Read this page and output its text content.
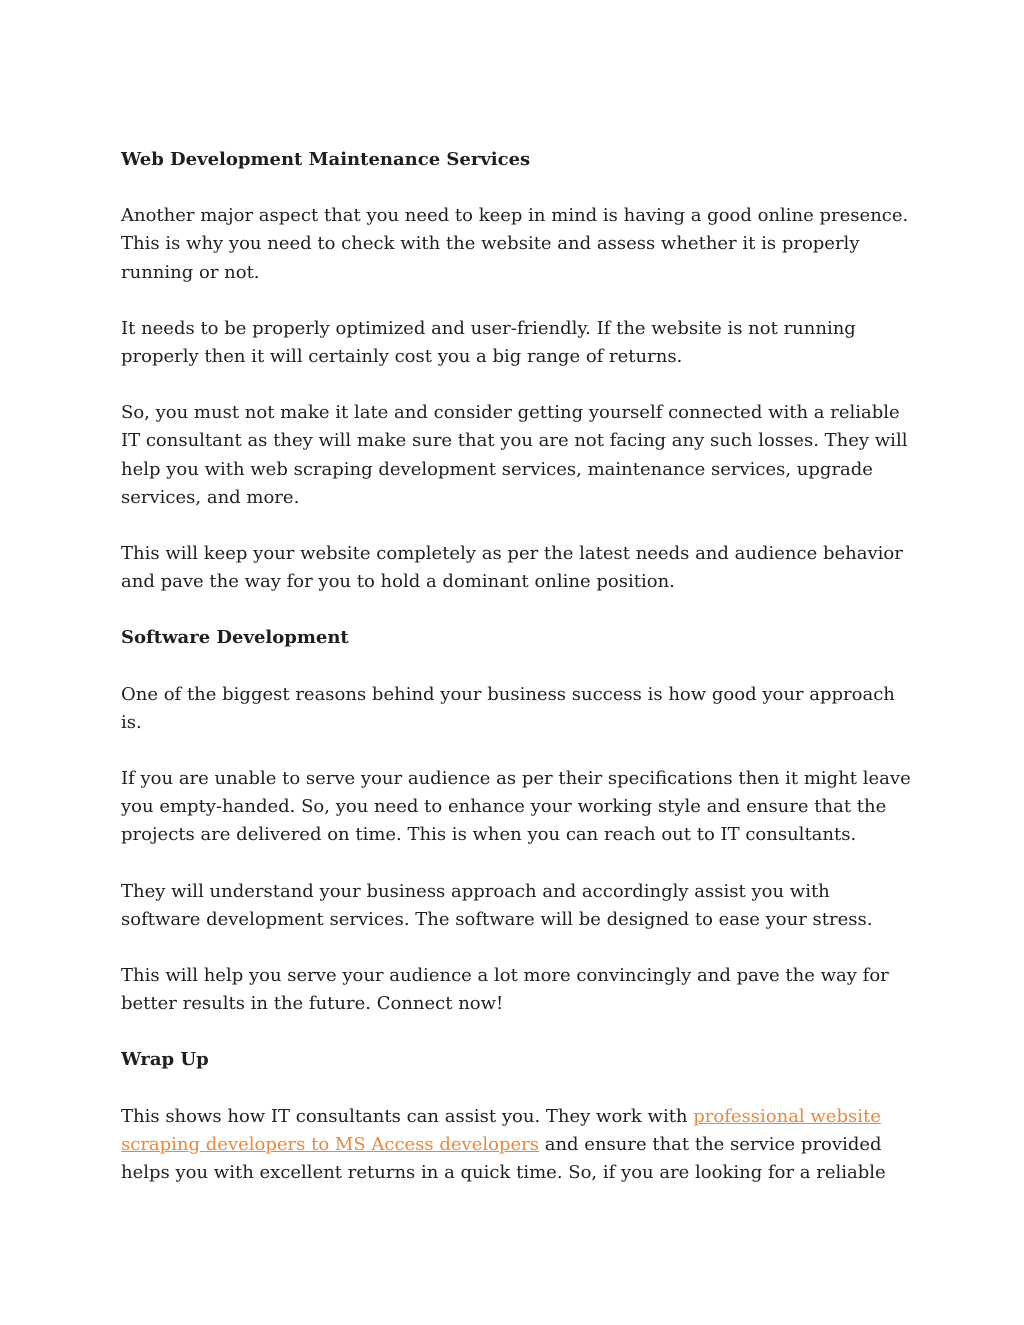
Web Development Maintenance Services

Another major aspect that you need to keep in mind is having a good online presence. This is why you need to check with the website and assess whether it is properly running or not.

It needs to be properly optimized and user-friendly. If the website is not running properly then it will certainly cost you a big range of returns.

So, you must not make it late and consider getting yourself connected with a reliable IT consultant as they will make sure that you are not facing any such losses. They will help you with web scraping development services, maintenance services, upgrade services, and more.

This will keep your website completely as per the latest needs and audience behavior and pave the way for you to hold a dominant online position.

Software Development

One of the biggest reasons behind your business success is how good your approach is.

If you are unable to serve your audience as per their specifications then it might leave you empty-handed. So, you need to enhance your working style and ensure that the projects are delivered on time. This is when you can reach out to IT consultants.

They will understand your business approach and accordingly assist you with software development services. The software will be designed to ease your stress.

This will help you serve your audience a lot more convincingly and pave the way for better results in the future. Connect now!

Wrap Up

This shows how IT consultants can assist you. They work with professional website scraping developers to MS Access developers and ensure that the service provided helps you with excellent returns in a quick time. So, if you are looking for a reliable
